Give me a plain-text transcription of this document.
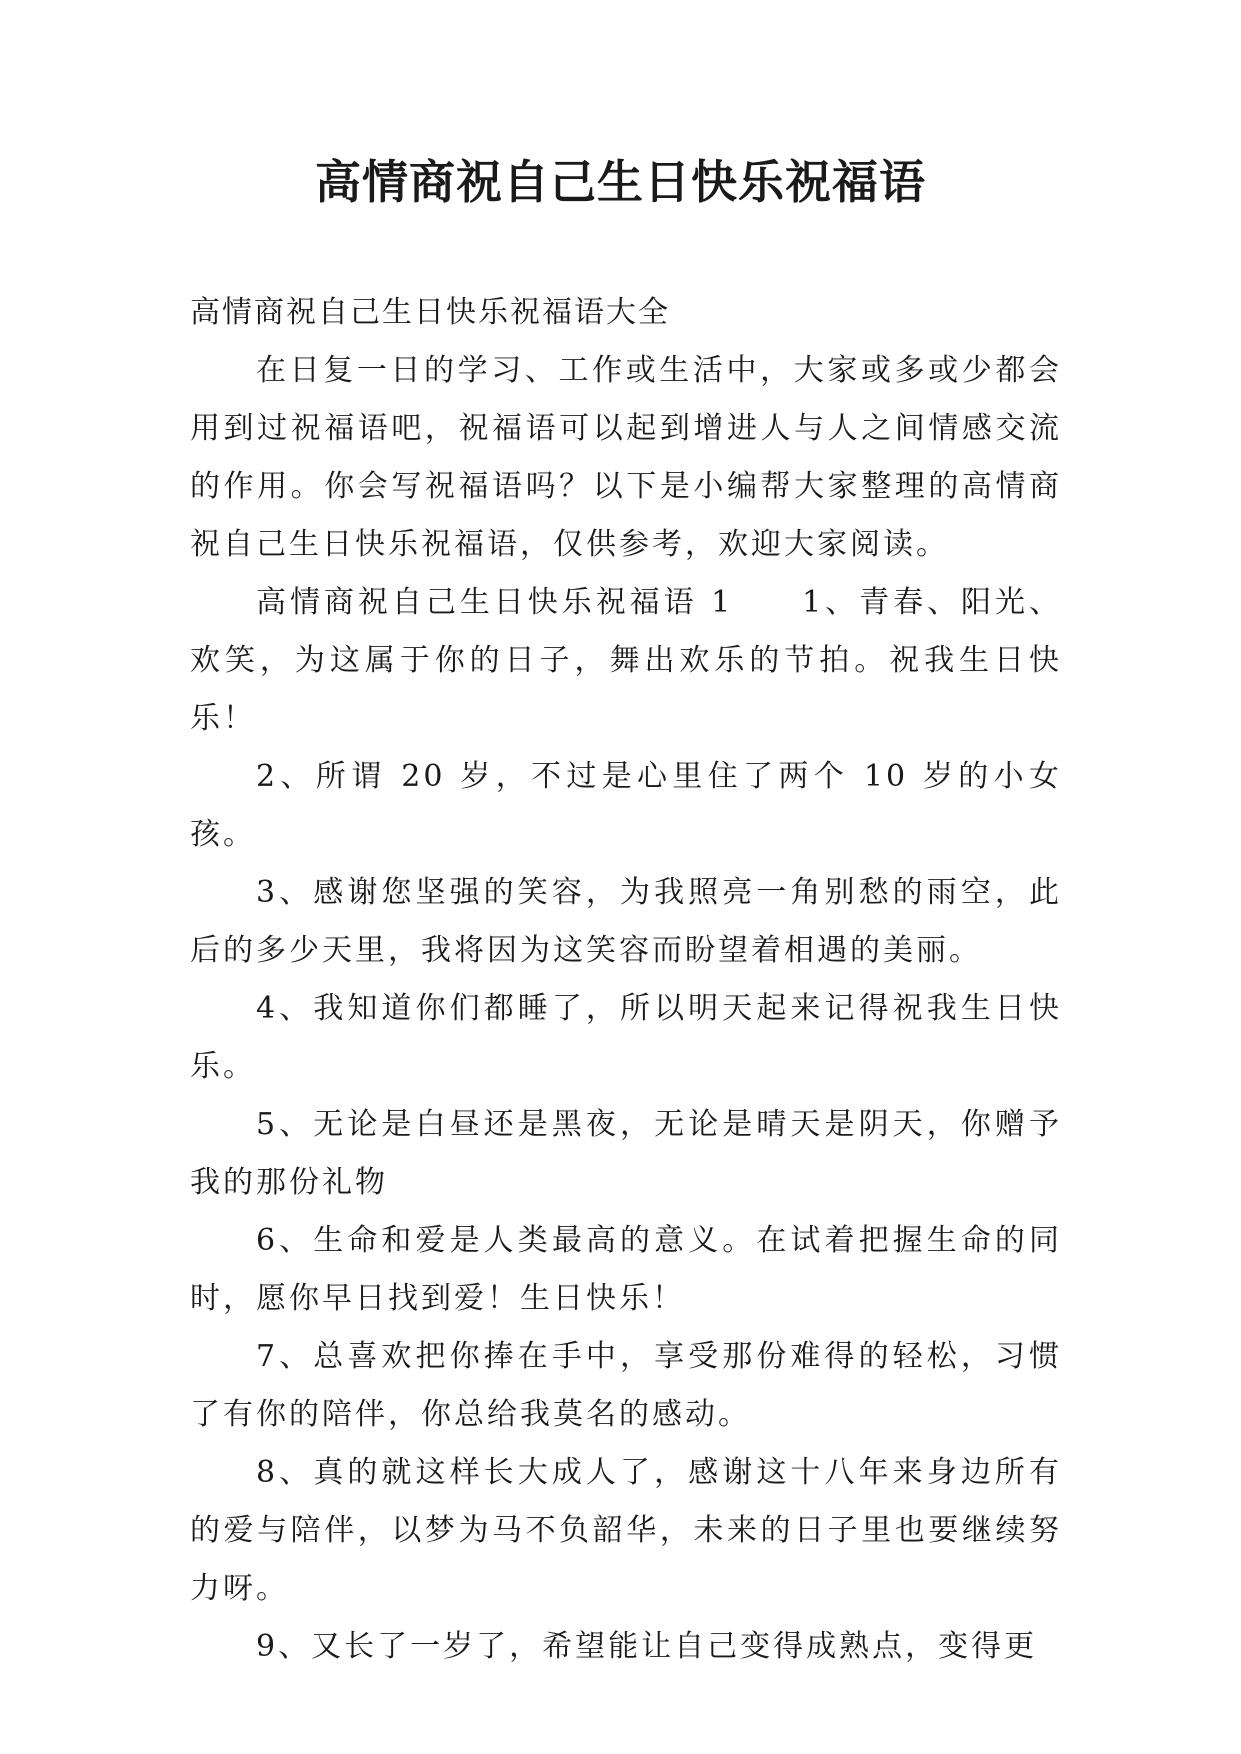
高情商祝自己生日快乐祝福语

高情商祝自己生日快乐祝福语大全

在日复一日的学习、工作或生活中，大家或多或少都会用到过祝福语吧，祝福语可以起到增进人与人之间情感交流的作用。你会写祝福语吗？以下是小编帮大家整理的高情商祝自己生日快乐祝福语，仅供参考，欢迎大家阅读。

高情商祝自己生日快乐祝福语 1　　1、青春、阳光、欢笑，为这属于你的日子，舞出欢乐的节拍。祝我生日快乐！

2、所谓 20 岁，不过是心里住了两个 10 岁的小女孩。

3、感谢您坚强的笑容，为我照亮一角别愁的雨空，此后的多少天里，我将因为这笑容而盼望着相遇的美丽。

4、我知道你们都睡了，所以明天起来记得祝我生日快乐。

5、无论是白昼还是黑夜，无论是晴天是阴天，你赠予我的那份礼物

6、生命和爱是人类最高的意义。在试着把握生命的同时，愿你早日找到爱！生日快乐！

7、总喜欢把你捧在手中，享受那份难得的轻松，习惯了有你的陪伴，你总给我莫名的感动。

8、真的就这样长大成人了，感谢这十八年来身边所有的爱与陪伴，以梦为马不负韶华，未来的日子里也要继续努力呀。

9、又长了一岁了，希望能让自己变得成熟点，变得更
